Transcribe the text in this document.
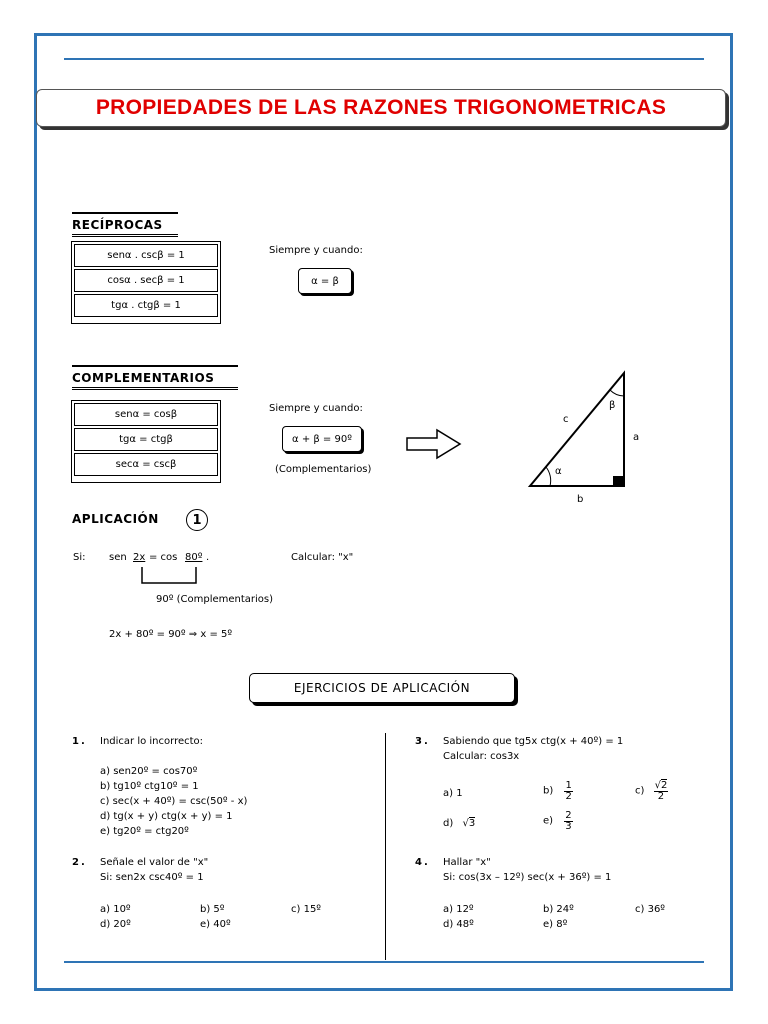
PROPIEDADES DE LAS RAZONES TRIGONOMETRICAS
RECÍPROCAS
senα . cscβ = 1
cosα . secβ = 1
tgα . ctgβ = 1
Siempre y cuando:
α = β
COMPLEMENTARIOS
senα = cosβ
tgα = ctgβ
secα = cscβ
Siempre y cuando:
α + β = 90º
(Complementarios)
c
a
b
α
β
APLICACIÓN	1
Si: sen 2x = cos 80º .	Calcular: "x"
90º (Complementarios)
2x + 80º = 90º ⇒ x = 5º
EJERCICIOS DE APLICACIÓN
1. Indicar lo incorrecto:
a) sen20º = cos70º
b) tg10º ctg10º = 1
c) sec(x + 40º) = csc(50º - x)
d) tg(x + y) ctg(x + y) = 1
e) tg20º = ctg20º
2. Señale el valor de "x"
Si: sen2x csc40º = 1
a) 10º	b) 5º	c) 15º
d) 20º	e) 40º
3. Sabiendo que tg5x ctg(x + 40º) = 1
Calcular: cos3x
a) 1	$b) \frac{1}{2}$	$c) \frac{√2}{2}$
d) √3	$e) \frac{2}{3}$
4. Hallar "x"
Si: cos(3x – 12º) sec(x + 36º) = 1
a) 12º	b) 24º	c) 36º
d) 48º	e) 8º
